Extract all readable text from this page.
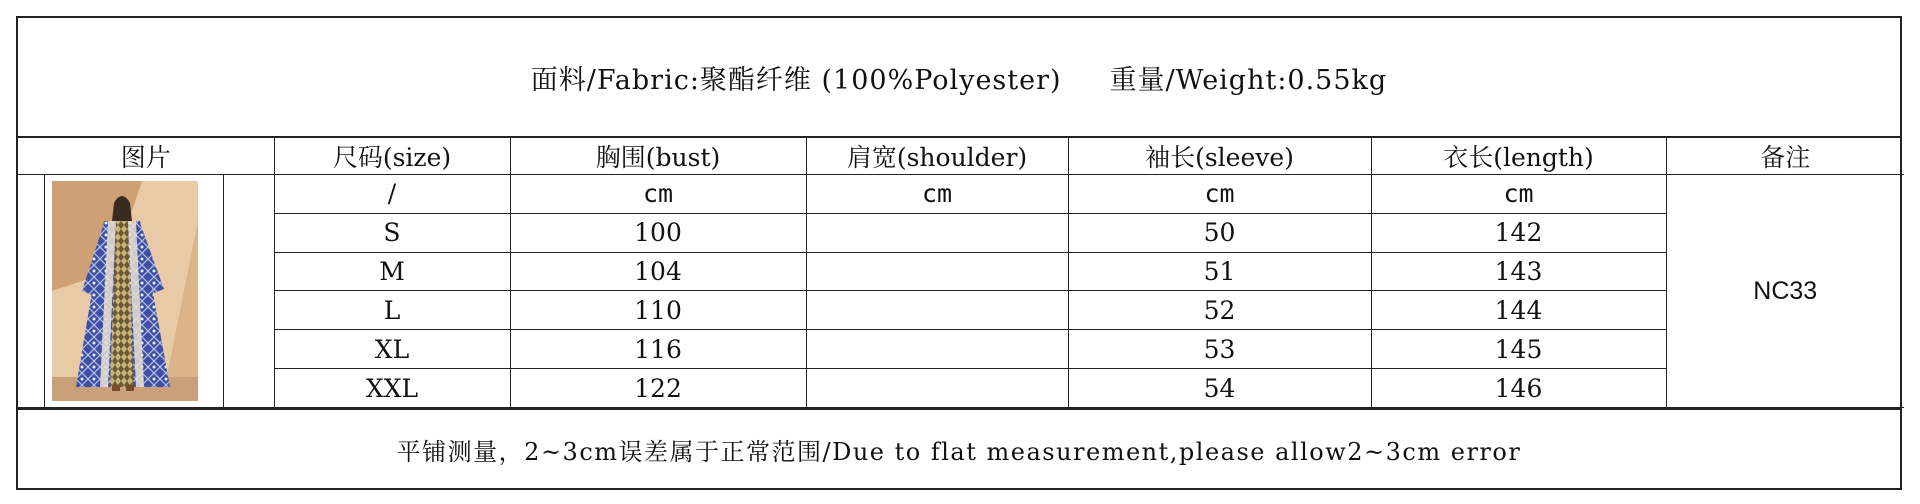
面料/Fabric:聚酯纤维 (100%Polyester) 重量/Weight:0.55kg
图片	尺码(size)	胸围(bust)	肩宽(shoulder)	袖长(sleeve)	衣长(length)	备注

	/	cm	cm	cm	cm	NC33
	S	100		50	142	
	M	104		51	143	
	L	110		52	144	
	XL	116		53	145	
	XXL	122		54	146	
平铺测量，2~3cm误差属于正常范围/Due to flat measurement,please allow2~3cm error
